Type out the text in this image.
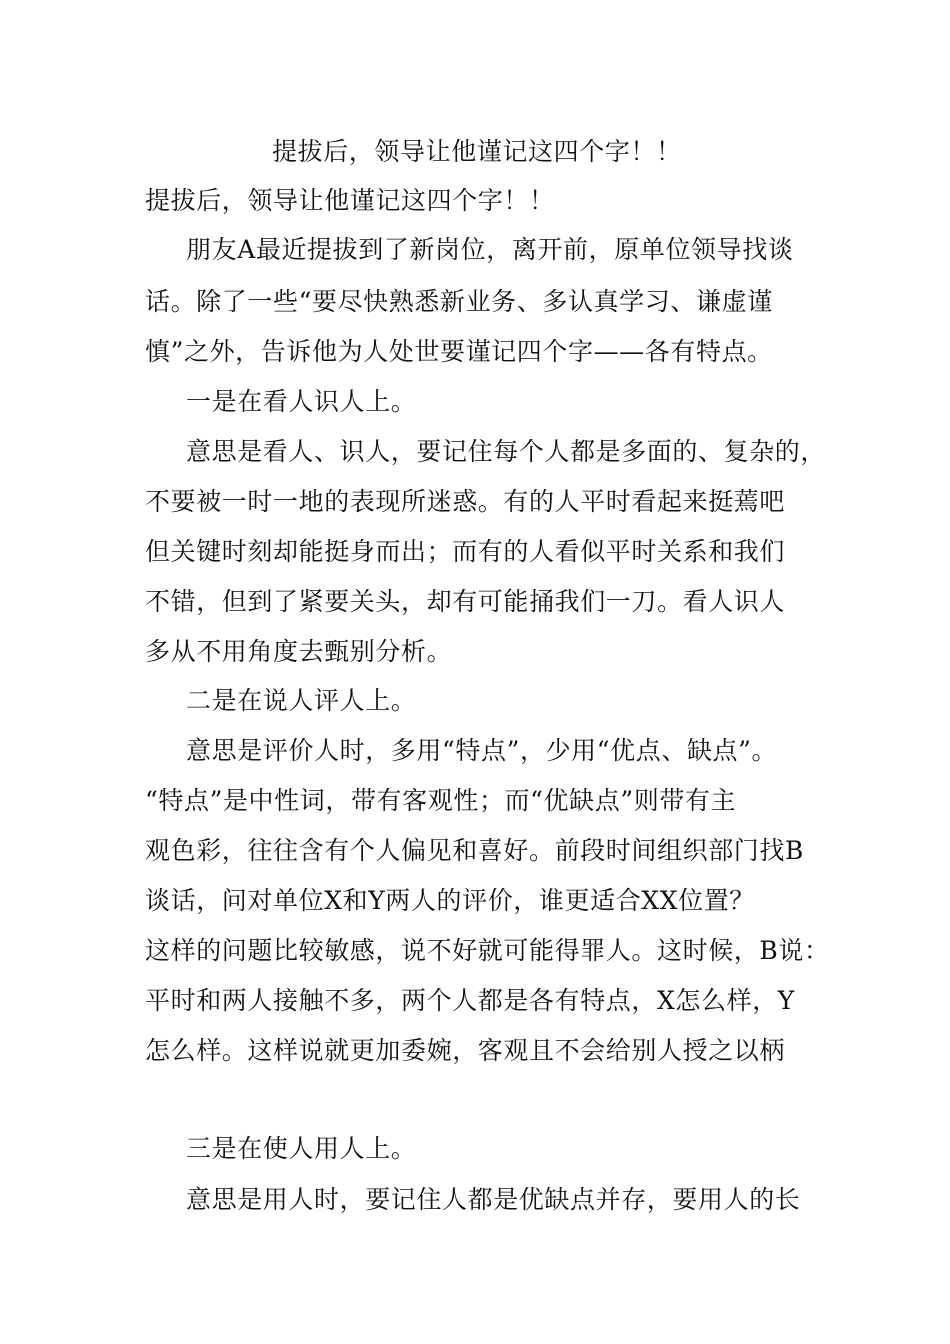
提拔后，领导让他谨记这四个字！！
提拔后，领导让他谨记这四个字！！
朋友A最近提拔到了新岗位，离开前，原单位领导找谈
话。除了一些“要尽快熟悉新业务、多认真学习、谦虚谨
慎”之外，告诉他为人处世要谨记四个字——各有特点。
一是在看人识人上。
意思是看人、识人，要记住每个人都是多面的、复杂的，
不要被一时一地的表现所迷惑。有的人平时看起来挺蔫吧
但关键时刻却能挺身而出；而有的人看似平时关系和我们
不错，但到了紧要关头，却有可能捅我们一刀。看人识人
多从不用角度去甄别分析。
二是在说人评人上。
意思是评价人时，多用“特点”，少用“优点、缺点”。
“特点”是中性词，带有客观性；而“优缺点”则带有主
观色彩，往往含有个人偏见和喜好。前段时间组织部门找B
谈话，问对单位X和Y两人的评价，谁更适合XX位置？
这样的问题比较敏感，说不好就可能得罪人。这时候，B说：
平时和两人接触不多，两个人都是各有特点，X怎么样，Y
怎么样。这样说就更加委婉，客观且不会给别人授之以柄
三是在使人用人上。
意思是用人时，要记住人都是优缺点并存，要用人的长
